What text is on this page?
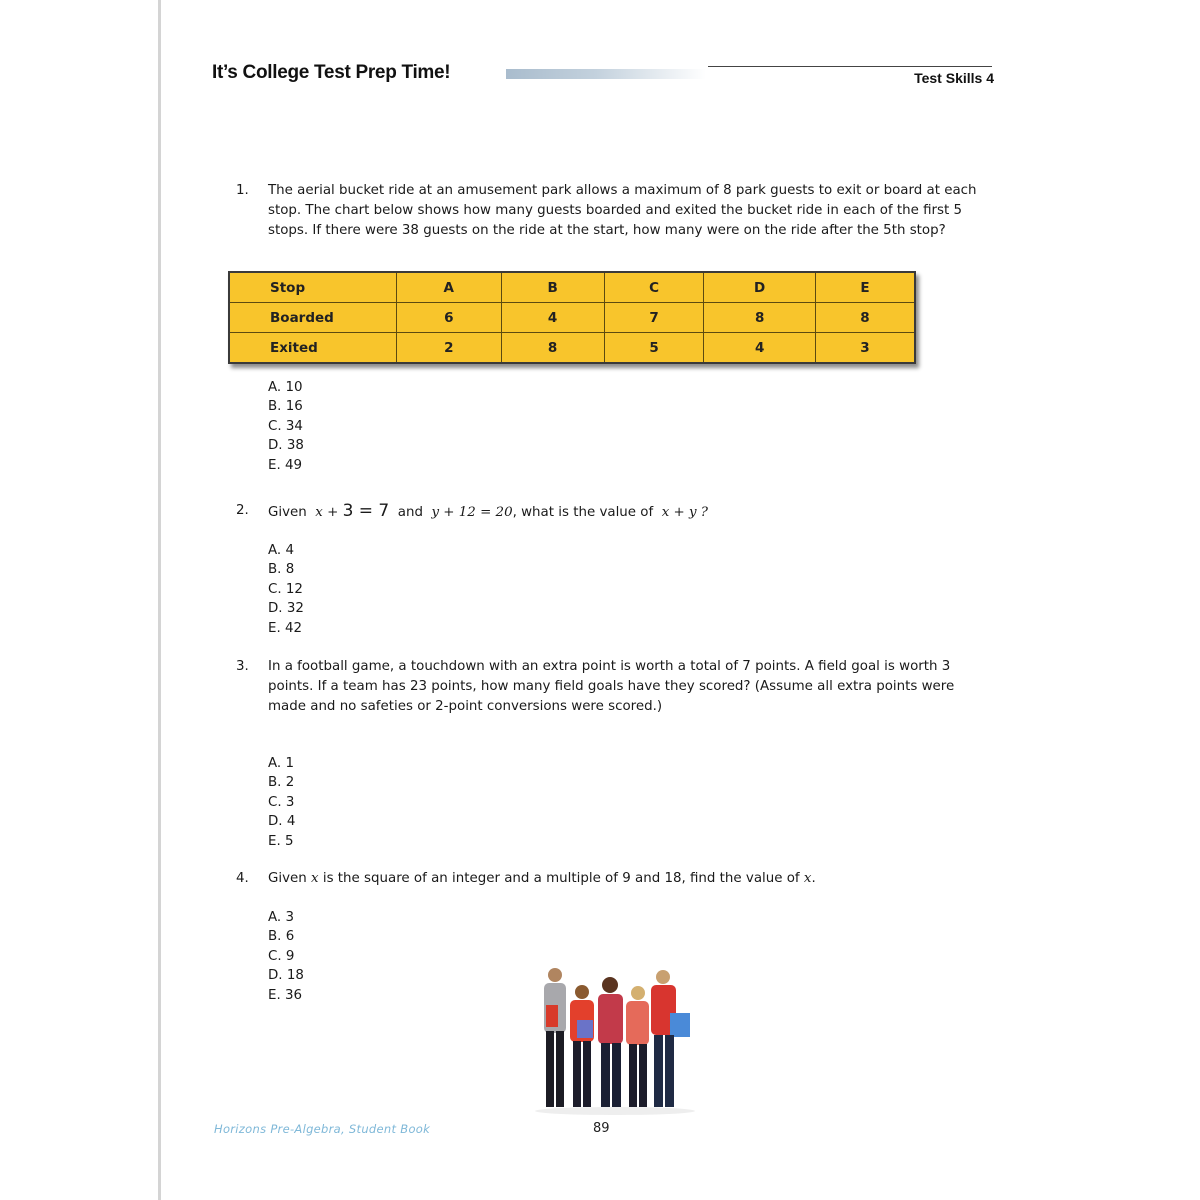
It’s College Test Prep Time!	Test Skills 4
1.	The aerial bucket ride at an amusement park allows a maximum of 8 park guests to exit or board at each stop. The chart below shows how many guests boarded and exited the bucket ride in each of the first 5 stops. If there were 38 guests on the ride at the start, how many were on the ride after the 5th stop?
Stop	A	B	C	D	E
Boarded	6	4	7	8	8
Exited	2	8	5	4	3
A. 10
B. 16
C. 34
D. 38
E. 49
2.	Given x + 3 = 7 and y + 12 = 20, what is the value of x + y ?
A. 4
B. 8
C. 12
D. 32
E. 42
3.	In a football game, a touchdown with an extra point is worth a total of 7 points. A field goal is worth 3 points. If a team has 23 points, how many field goals have they scored? (Assume all extra points were made and no safeties or 2-point conversions were scored.)
A. 1
B. 2
C. 3
D. 4
E. 5
4.	Given x is the square of an integer and a multiple of 9 and 18, find the value of x.
A. 3
B. 6
C. 9
D. 18
E. 36
Horizons Pre-Algebra, Student Book	89
